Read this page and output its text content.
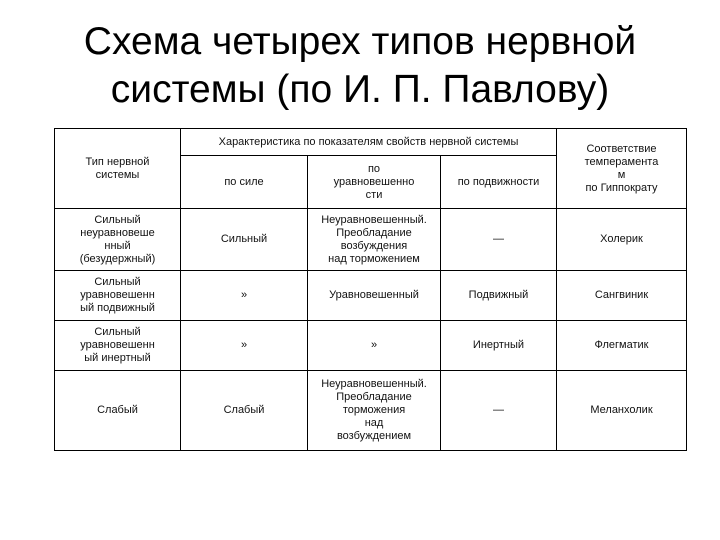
Схема четырех типов нервной
системы (по И. П. Павлову)
Тип нервной
системы	Характеристика по показателям свойств нервной системы			Соответствие
темперамента
м
по Гиппократу
	по силе	по
уравновешенно
сти	по подвижности	
Сильный
неуравновеше
нный
(безудержный)	Сильный	Неуравновешенный.
Преобладание
возбуждения
над торможением	—	Холерик
Сильный
уравновешенн
ый подвижный	»	Уравновешенный	Подвижный	Сангвиник
Сильный
уравновешенн
ый инертный	»	»	Инертный	Флегматик
Слабый	Слабый	Неуравновешенный.
Преобладание
торможения
над
возбуждением	—	Меланхолик
